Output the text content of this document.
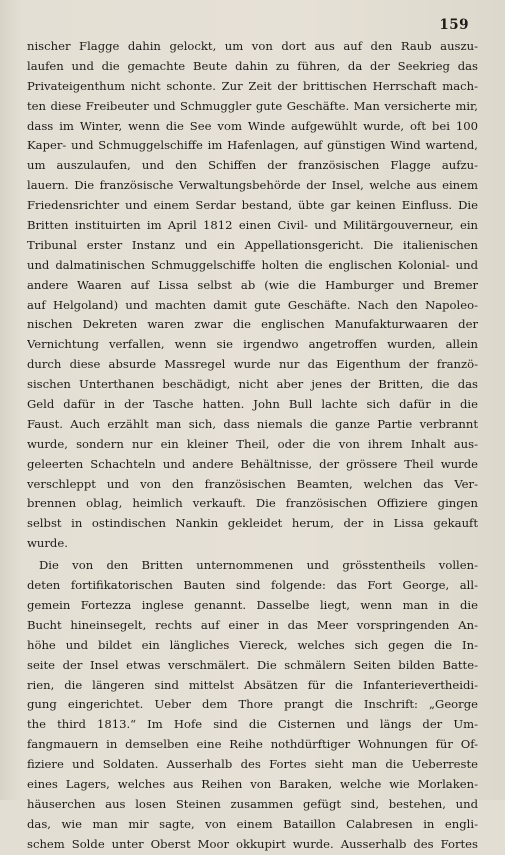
159
nischer Flagge dahin gelockt, um von dort aus auf den Raub auszu-
laufen und die gemachte Beute dahin zu führen, da der Seekrieg das
Privateigenthum nicht schonte. Zur Zeit der brittischen Herrschaft mach-
ten diese Freibeuter und Schmuggler gute Geschäfte. Man versicherte mir,
dass im Winter, wenn die See vom Winde aufgewühlt wurde, oft bei 100
Kaper- und Schmuggelschiffe im Hafenlagen, auf günstigen Wind wartend,
um auszulaufen, und den Schiffen der französischen Flagge aufzu-
lauern. Die französische Verwaltungsbehörde der Insel, welche aus einem
Friedensrichter und einem Serdar bestand, übte gar keinen Einfluss. Die
Britten instituirten im April 1812 einen Civil- und Militärgouverneur, ein
Tribunal erster Instanz und ein Appellationsgericht. Die italienischen
und dalmatinischen Schmuggelschiffe holten die englischen Kolonial- und
andere Waaren auf Lissa selbst ab (wie die Hamburger und Bremer
auf Helgoland) und machten damit gute Geschäfte. Nach den Napoleo-
nischen Dekreten waren zwar die englischen Manufakturwaaren der
Vernichtung verfallen, wenn sie irgendwo angetroffen wurden, allein
durch diese absurde Massregel wurde nur das Eigenthum der franzö-
sischen Unterthanen beschädigt, nicht aber jenes der Britten, die das
Geld dafür in der Tasche hatten. John Bull lachte sich dafür in die
Faust. Auch erzählt man sich, dass niemals die ganze Partie verbrannt
wurde, sondern nur ein kleiner Theil, oder die von ihrem Inhalt aus-
geleerten Schachteln und andere Behältnisse, der grössere Theil wurde
verschleppt und von den französischen Beamten, welchen das Ver-
brennen oblag, heimlich verkauft. Die französischen Offiziere gingen
selbst in ostindischen Nankin gekleidet herum, der in Lissa gekauft
wurde.
Die von den Britten unternommenen und grösstentheils vollen-
deten fortifikatorischen Bauten sind folgende: das Fort George, all-
gemein Fortezza inglese genannt. Dasselbe liegt, wenn man in die
Bucht hineinsegelt, rechts auf einer in das Meer vorspringenden An-
höhe und bildet ein längliches Viereck, welches sich gegen die In-
seite der Insel etwas verschmälert. Die schmälern Seiten bilden Batte-
rien, die längeren sind mittelst Absätzen für die Infanterievertheidi-
gung eingerichtet. Ueber dem Thore prangt die Inschrift: „George
the third 1813.“ Im Hofe sind die Cisternen und längs der Um-
fangmauern in demselben eine Reihe nothdürftiger Wohnungen für Of-
fiziere und Soldaten. Ausserhalb des Fortes sieht man die Ueberreste
eines Lagers, welches aus Reihen von Baraken, welche wie Morlaken-
häuserchen aus losen Steinen zusammen gefügt sind, bestehen, und
das, wie man mir sagte, von einem Bataillon Calabresen in engli-
schem Solde unter Oberst Moor okkupirt wurde. Ausserhalb des Fortes
